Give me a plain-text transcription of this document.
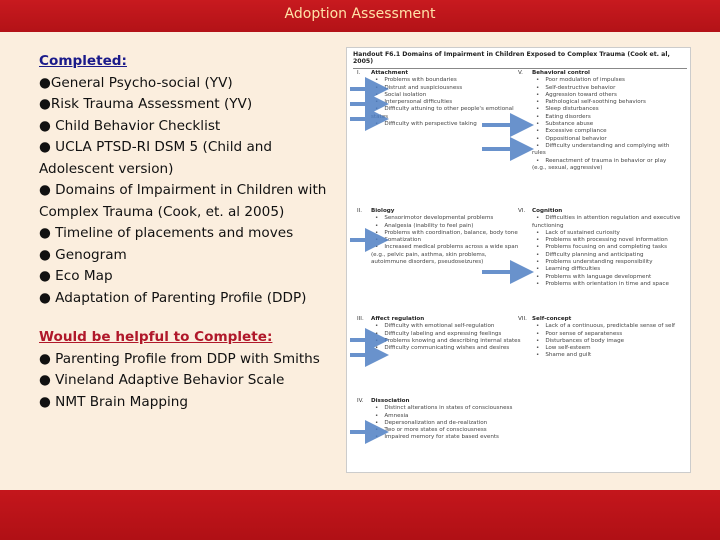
Adoption Assessment
Completed:
●General Psycho-social (YV)
●Risk Trauma Assessment (YV)
● Child Behavior Checklist
● UCLA PTSD-RI DSM 5 (Child and Adolescent version)
● Domains of Impairment in Children with Complex Trauma (Cook, et. al 2005)
● Timeline of placements and moves
● Genogram
● Eco Map
● Adaptation of Parenting Profile (DDP)
Would be helpful to Complete:
● Parenting Profile from DDP with Smiths
● Vineland Adaptive Behavior Scale
● NMT Brain Mapping
Handout F6.1 Domains of Impairment in Children Exposed to Complex Trauma (Cook et. al, 2005)
I. Attachment
• Problems with boundaries
• Distrust and suspiciousness
• Social isolation
• Interpersonal difficulties
• Difficulty attuning to other people's emotional states
• Difficulty with perspective taking
II. Biology
• Sensorimotor developmental problems
• Analgesia (inability to feel pain)
• Problems with coordination, balance, body tone
• Somatization
• Increased medical problems across a wide span (e.g., pelvic pain, asthma, skin problems, autoimmune disorders, pseudoseizures)
III. Affect regulation
• Difficulty with emotional self-regulation
• Difficulty labeling and expressing feelings
• Problems knowing and describing internal states
• Difficulty communicating wishes and desires
IV. Dissociation
• Distinct alterations in states of consciousness
• Amnesia
• Depersonalization and de-realization
• Two or more states of consciousness
• Impaired memory for state based events
V. Behavioral control
• Poor modulation of impulses
• Self-destructive behavior
• Aggression toward others
• Pathological self-soothing behaviors
• Sleep disturbances
• Eating disorders
• Substance abuse
• Excessive compliance
• Oppositional behavior
• Difficulty understanding and complying with rules
• Reenactment of trauma in behavior or play (e.g., sexual, aggressive)
VI. Cognition
• Difficulties in attention regulation and executive functioning
• Lack of sustained curiosity
• Problems with processing novel information
• Problems focusing on and completing tasks
• Difficulty planning and anticipating
• Problems understanding responsibility
• Learning difficulties
• Problems with language development
• Problems with orientation in time and space
VII. Self-concept
• Lack of a continuous, predictable sense of self
• Poor sense of separateness
• Disturbances of body image
• Low self-esteem
• Shame and guilt
